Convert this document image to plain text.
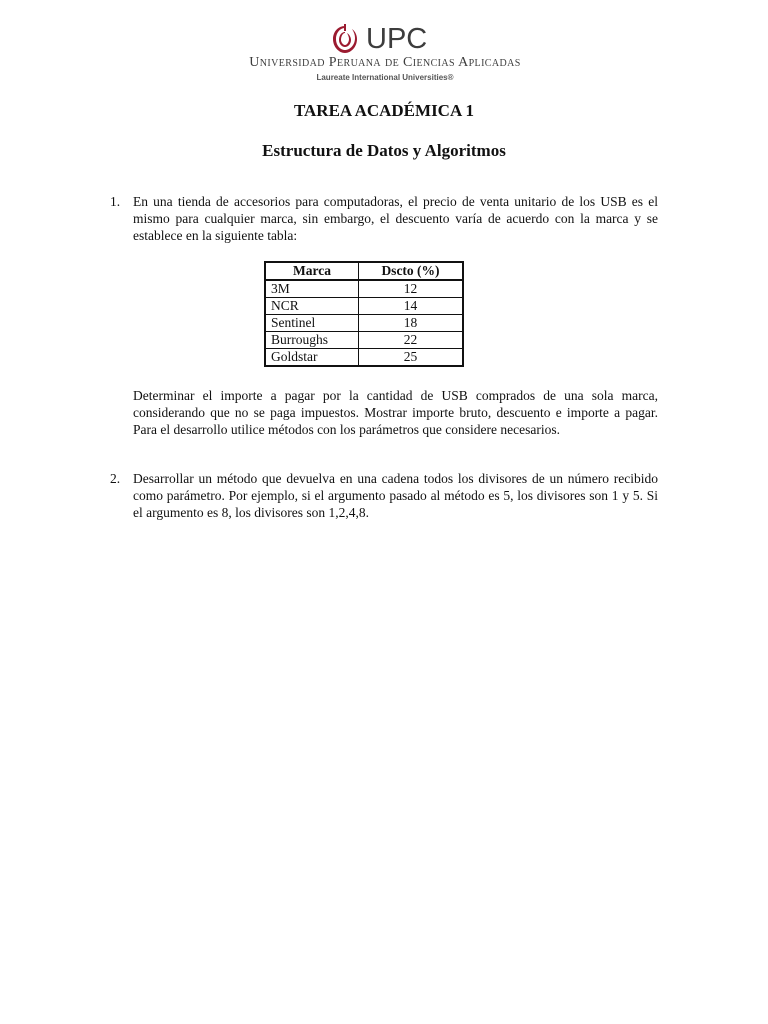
UPC
Universidad Peruana de Ciencias Aplicadas
Laureate International Universities®
TAREA ACADÉMICA 1
Estructura de Datos y Algoritmos
1. En una tienda de accesorios para computadoras, el precio de venta unitario de los USB es el mismo para cualquier marca, sin embargo, el descuento varía de acuerdo con la marca y se establece en la siguiente tabla:
Marca	Dscto (%)
3M	12
NCR	14
Sentinel	18
Burroughs	22
Goldstar	25
Determinar el importe a pagar por la cantidad de USB comprados de una sola marca, considerando que no se paga impuestos. Mostrar importe bruto, descuento e importe a pagar. Para el desarrollo utilice métodos con los parámetros que considere necesarios.
2. Desarrollar un método que devuelva en una cadena todos los divisores de un número recibido como parámetro. Por ejemplo, si el argumento pasado al método es 5, los divisores son 1 y 5. Si el argumento es 8, los divisores son 1,2,4,8.
